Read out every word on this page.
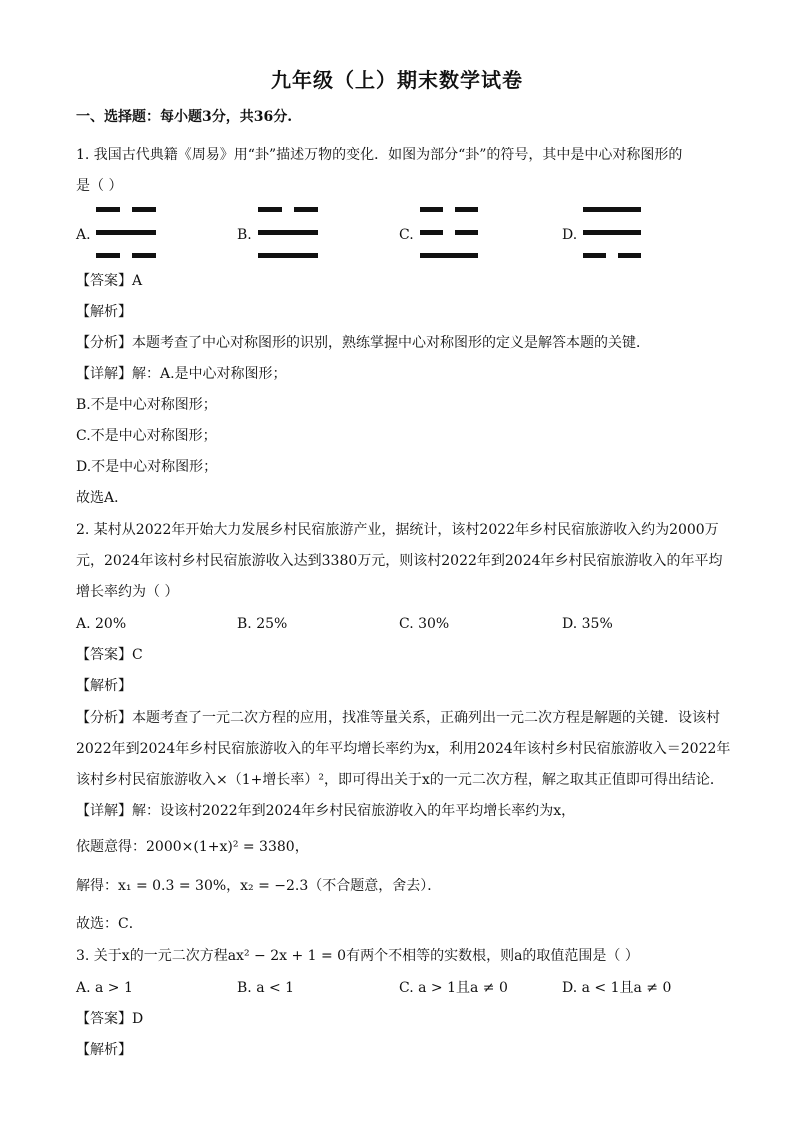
九年级（上）期末数学试卷
一、选择题：每小题3分，共36分.
1. 我国古代典籍《周易》用“卦”描述万物的变化．如图为部分“卦”的符号，其中是中心对称图形的
是（ ）
A.	B.	C.	D.
【答案】A
【解析】
【分析】本题考查了中心对称图形的识别，熟练掌握中心对称图形的定义是解答本题的关键．
【详解】解：A.是中心对称图形；
B.不是中心对称图形；
C.不是中心对称图形；
D.不是中心对称图形；
故选A．
2. 某村从2022年开始大力发展乡村民宿旅游产业，据统计，该村2022年乡村民宿旅游收入约为2000万
元，2024年该村乡村民宿旅游收入达到3380万元，则该村2022年到2024年乡村民宿旅游收入的年平均
增长率约为（ ）
A. 20%	B. 25%	C. 30%	D. 35%
【答案】C
【解析】
【分析】本题考查了一元二次方程的应用，找准等量关系，正确列出一元二次方程是解题的关键．设该村
2022年到2024年乡村民宿旅游收入的年平均增长率约为x，利用2024年该村乡村民宿旅游收入＝2022年
该村乡村民宿旅游收入×（1+增长率）²，即可得出关于x的一元二次方程，解之取其正值即可得出结论．
【详解】解：设该村2022年到2024年乡村民宿旅游收入的年平均增长率约为x，
依题意得：2000×(1+x)² = 3380，
解得：x₁ = 0.3 = 30%，x₂ = −2.3（不合题意，舍去）．
故选：C．
3. 关于x的一元二次方程ax² − 2x + 1 = 0有两个不相等的实数根，则a的取值范围是（ ）
A. a > 1	B. a < 1	C. a > 1且a ≠ 0	D. a < 1且a ≠ 0
【答案】D
【解析】
